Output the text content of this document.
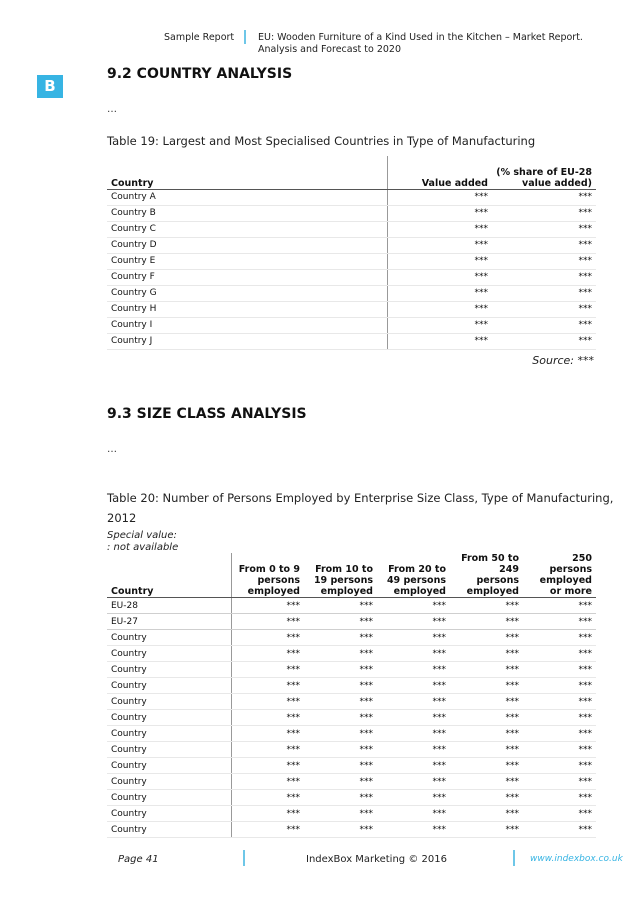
Sample Report	EU: Wooden Furniture of a Kind Used in the Kitchen – Market Report.
Analysis and Forecast to 2020
B
9.2 COUNTRY ANALYSIS
…
Table 19: Largest and Most Specialised Countries in Type of Manufacturing
Country	Value added	(% share of EU-28 value added)
Country A	***	***
Country B	***	***
Country C	***	***
Country D	***	***
Country E	***	***
Country F	***	***
Country G	***	***
Country H	***	***
Country I	***	***
Country J	***	***
Source: ***
9.3 SIZE CLASS ANALYSIS
…
Table 20: Number of Persons Employed by Enterprise Size Class, Type of Manufacturing,
2012
Special value:
: not available
Country	From 0 to 9 persons employed	From 10 to 19 persons employed	From 20 to 49 persons employed	From 50 to 249 persons employed	250 persons employed or more
EU-28	***	***	***	***	***
EU-27	***	***	***	***	***
Country	***	***	***	***	***
Country	***	***	***	***	***
Country	***	***	***	***	***
Country	***	***	***	***	***
Country	***	***	***	***	***
Country	***	***	***	***	***
Country	***	***	***	***	***
Country	***	***	***	***	***
Country	***	***	***	***	***
Country	***	***	***	***	***
Country	***	***	***	***	***
Country	***	***	***	***	***
Country	***	***	***	***	***
Page 41	IndexBox Marketing © 2016	www.indexbox.co.uk
